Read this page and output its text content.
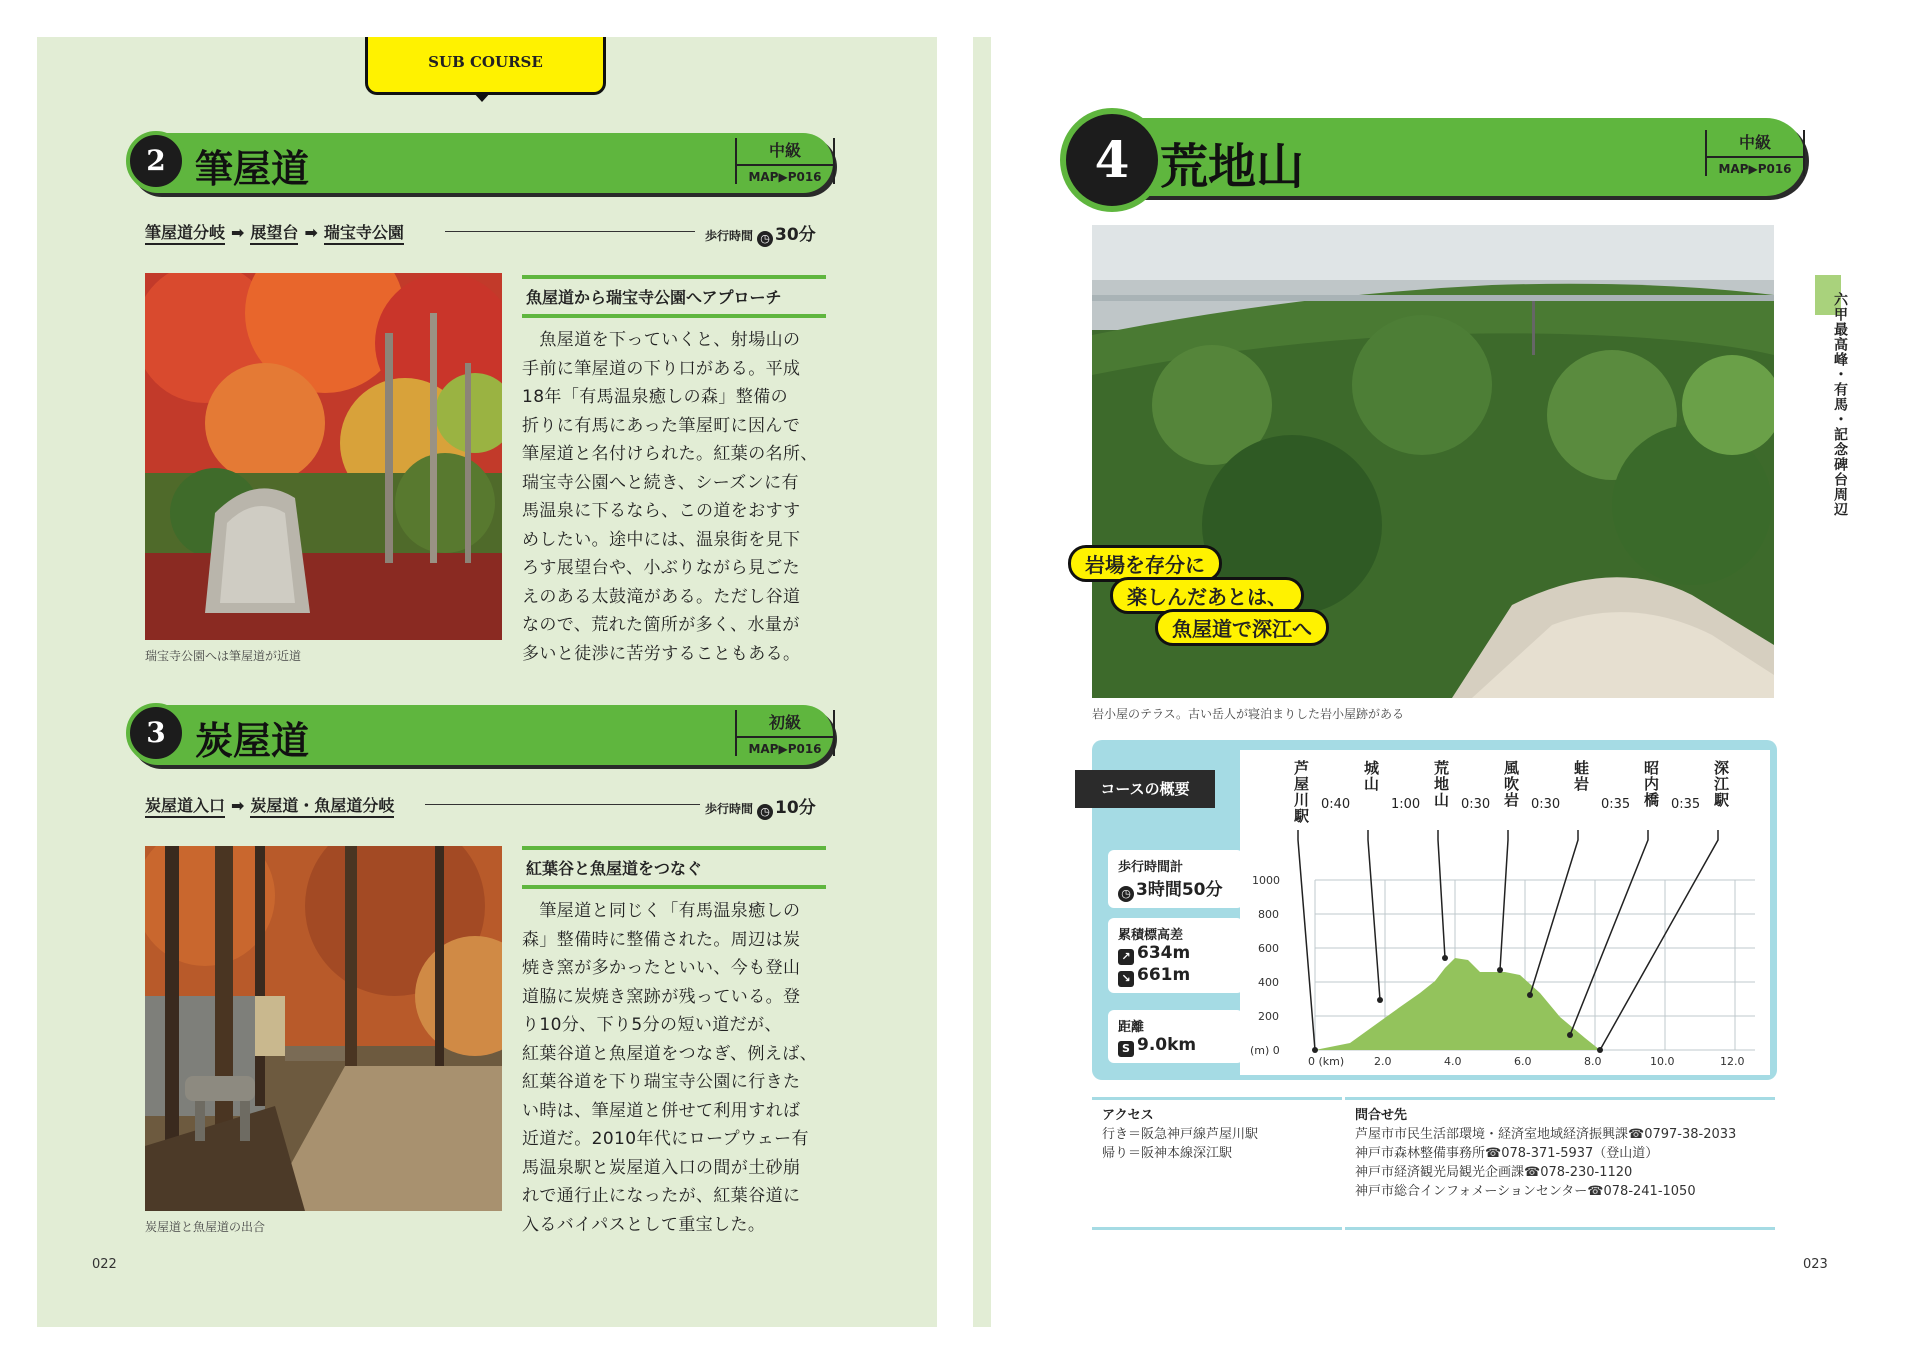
SUB COURSE
2 筆屋道	中級
MAP▶P016
筆屋道分岐 ➡ 展望台 ➡ 瑞宝寺公園	歩行時間 ◷ 30分
瑞宝寺公園へは筆屋道が近道
魚屋道から瑞宝寺公園へアプローチ
　魚屋道を下っていくと、射場山の
手前に筆屋道の下り口がある。平成
18年「有馬温泉癒しの森」整備の
折りに有馬にあった筆屋町に因んで
筆屋道と名付けられた。紅葉の名所、
瑞宝寺公園へと続き、シーズンに有
馬温泉に下るなら、この道をおすす
めしたい。途中には、温泉街を見下
ろす展望台や、小ぶりながら見ごた
えのある太鼓滝がある。ただし谷道
なので、荒れた箇所が多く、水量が
多いと徒渉に苦労することもある。
3 炭屋道	初級
MAP▶P016
炭屋道入口 ➡ 炭屋道・魚屋道分岐	歩行時間 ◷ 10分
炭屋道と魚屋道の出合
紅葉谷と魚屋道をつなぐ
　筆屋道と同じく「有馬温泉癒しの
森」整備時に整備された。周辺は炭
焼き窯が多かったといい、今も登山
道脇に炭焼き窯跡が残っている。登
り10分、下り5分の短い道だが、
紅葉谷道と魚屋道をつなぎ、例えば、
紅葉谷道を下り瑞宝寺公園に行きた
い時は、筆屋道と併せて利用すれば
近道だ。2010年代にロープウェー有
馬温泉駅と炭屋道入口の間が土砂崩
れで通行止になったが、紅葉谷道に
入るバイパスとして重宝した。
022
4 荒地山	中級
MAP▶P016
六甲最高峰・有馬・記念碑台周辺
岩場を存分に
楽しんだあとは、
魚屋道で深江へ
岩小屋のテラス。古い岳人が寝泊まりした岩小屋跡がある
コースの概要
歩行時間計
◷ 3時間50分
累積標高差
↗ 634m
↘ 661m
距離
S 9.0km
芦屋川駅	城山	荒地山	風吹岩	蛙岩	昭内橋	深江駅
0:40	1:00	0:30	0:30	0:35	0:35
1000
800
600
400
200
(m) 0
0 (km)	2.0	4.0	6.0	8.0	10.0	12.0
アクセス
行き＝阪急神戸線芦屋川駅
帰り＝阪神本線深江駅
問合せ先
芦屋市市民生活部環境・経済室地域経済振興課☎0797-38-2033
神戸市森林整備事務所☎078-371-5937（登山道）
神戸市経済観光局観光企画課☎078-230-1120
神戸市総合インフォメーションセンター☎078-241-1050
023
